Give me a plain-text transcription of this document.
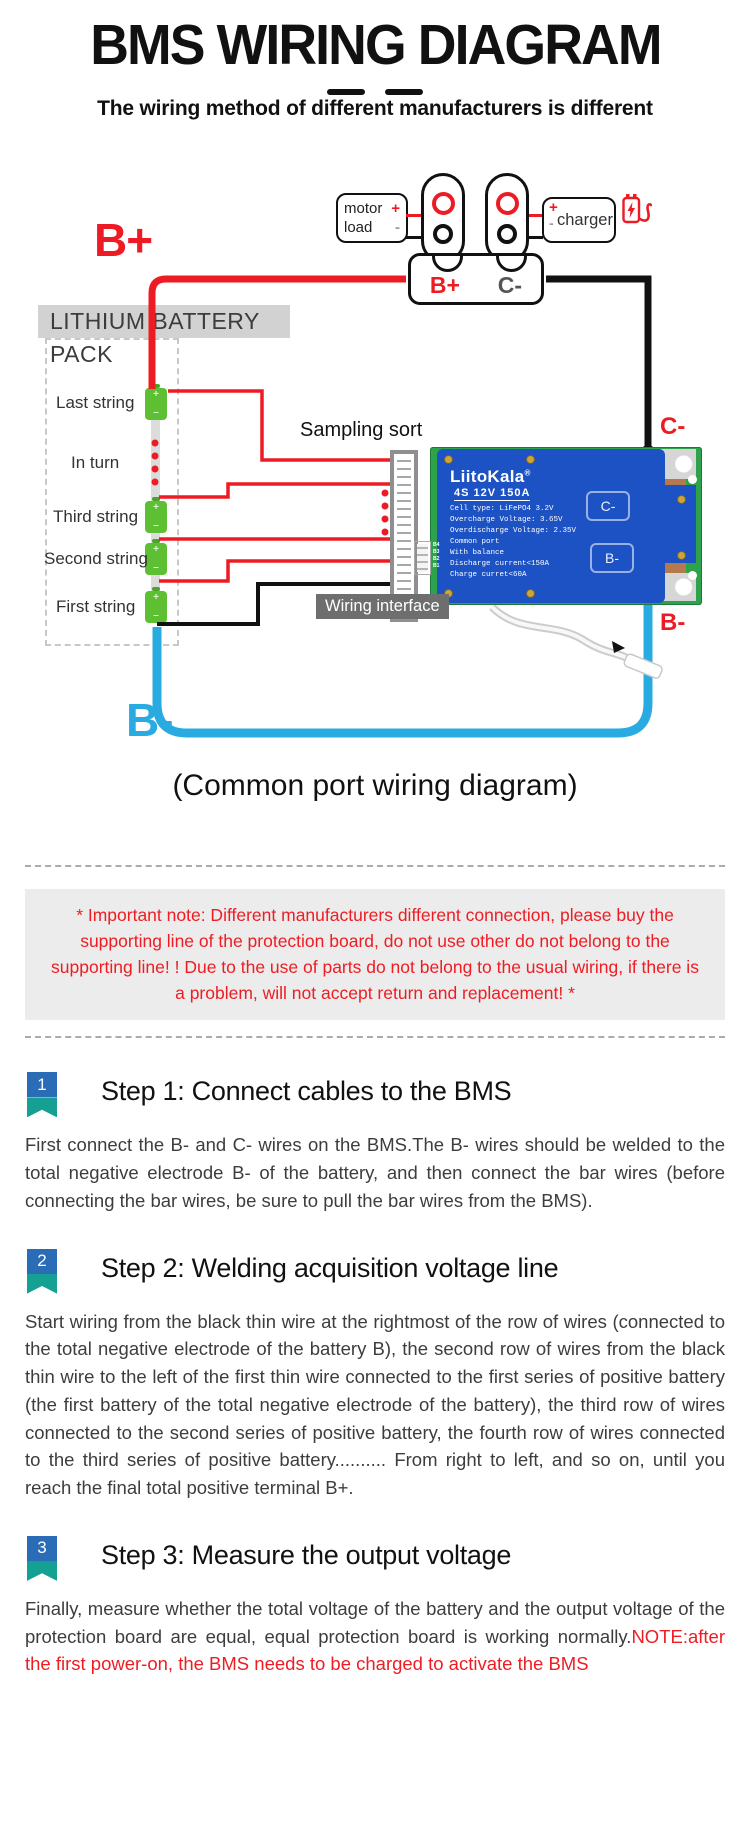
BMS WIRING DIAGRAM

The wiring method of different manufacturers is different
B+
LITHIUM BATTERY PACK
+
–
+
–
+
–
+
–
Last string
In turn
Third string
Second string
First string
Sampling sort
LiitoKala®
4S 12V 150A
Cell type: LiFePO4 3.2V
Overcharge Voltage: 3.65V
Overdischarge Voltage: 2.35V
Common port
With balance
Discharge current<150A
Charge curret<60A
C-
B-
B4
B3
B2
B1
Wiring interface
motor +
load -
+
- charger
B+ C-
C-
B-
B-
(Common port wiring diagram)
* Important note: Different manufacturers different connection, please buy the supporting line of the protection board, do not use other do not belong to the supporting line! ! Due to the use of parts do not belong to the usual wiring, if there is a problem, will not accept return and replacement! *
1	Step 1: Connect cables to the BMS

First connect the B- and C- wires on the BMS.The B- wires should be welded to the total negative electrode B- of the battery, and then connect the bar wires (before connecting the bar wires, be sure to pull the bar wires from the BMS).

2	Step 2: Welding acquisition voltage line

Start wiring from the black thin wire at the rightmost of the row of wires (connected to the total negative electrode of the battery B), the second row of wires from the black thin wire to the left of the first thin wire connected to the first series of positive battery (the first battery of the total negative electrode of the battery), the third row of wires connected to the second series of positive battery, the fourth row of wires connected to the third series of positive battery.......... From right to left, and so on, until you reach the final total positive terminal B+.

3	Step 3: Measure the output voltage

Finally, measure whether the total voltage of the battery and the output voltage of the protection board are equal, equal protection board is working normally.NOTE:after the first power-on, the BMS needs to be charged to activate the BMS
